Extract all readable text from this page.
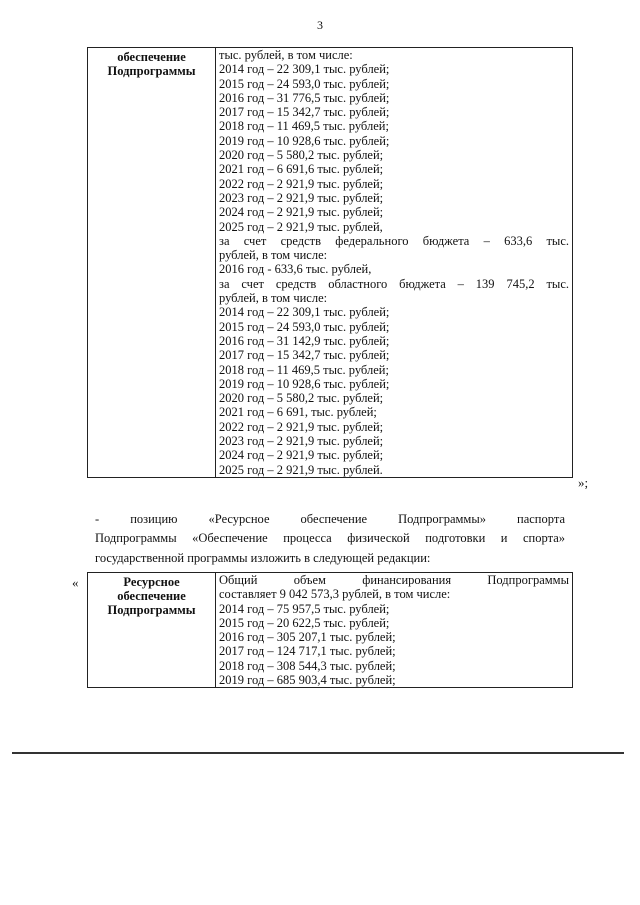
3
обеспечение
Подпрограммы

тыс. рублей, в том числе:
2014 год – 22 309,1 тыс. рублей;
2015 год – 24 593,0 тыс. рублей;
2016 год – 31 776,5 тыс. рублей;
2017 год – 15 342,7 тыс. рублей;
2018 год – 11 469,5 тыс. рублей;
2019 год – 10 928,6 тыс. рублей;
2020 год – 5 580,2 тыс. рублей;
2021 год – 6 691,6 тыс. рублей;
2022 год – 2 921,9 тыс. рублей;
2023 год – 2 921,9 тыс. рублей;
2024 год – 2 921,9 тыс. рублей;
2025 год – 2 921,9 тыс. рублей,
за счет средств федерального бюджета – 633,6 тыс.
рублей, в том числе:
2016 год - 633,6 тыс. рублей,
за счет средств областного бюджета – 139 745,2 тыс.
рублей, в том числе:
2014 год – 22 309,1 тыс. рублей;
2015 год – 24 593,0 тыс. рублей;
2016 год – 31 142,9 тыс. рублей;
2017 год – 15 342,7 тыс. рублей;
2018 год – 11 469,5 тыс. рублей;
2019 год – 10 928,6 тыс. рублей;
2020 год – 5 580,2 тыс. рублей;
2021 год – 6 691, тыс. рублей;
2022 год – 2 921,9 тыс. рублей;
2023 год – 2 921,9 тыс. рублей;
2024 год – 2 921,9 тыс. рублей;
2025 год – 2 921,9 тыс. рублей.
»;
- позицию «Ресурсное обеспечение Подпрограммы» паспорта
Подпрограммы «Обеспечение процесса физической подготовки и спорта»
государственной программы изложить в следующей редакции:
«	Ресурсное
обеспечение
Подпрограммы

Общий объем финансирования Подпрограммы
составляет 9 042 573,3 рублей, в том числе:
2014 год – 75 957,5 тыс. рублей;
2015 год – 20 622,5 тыс. рублей;
2016 год – 305 207,1 тыс. рублей;
2017 год – 124 717,1 тыс. рублей;
2018 год – 308 544,3 тыс. рублей;
2019 год – 685 903,4 тыс. рублей;
